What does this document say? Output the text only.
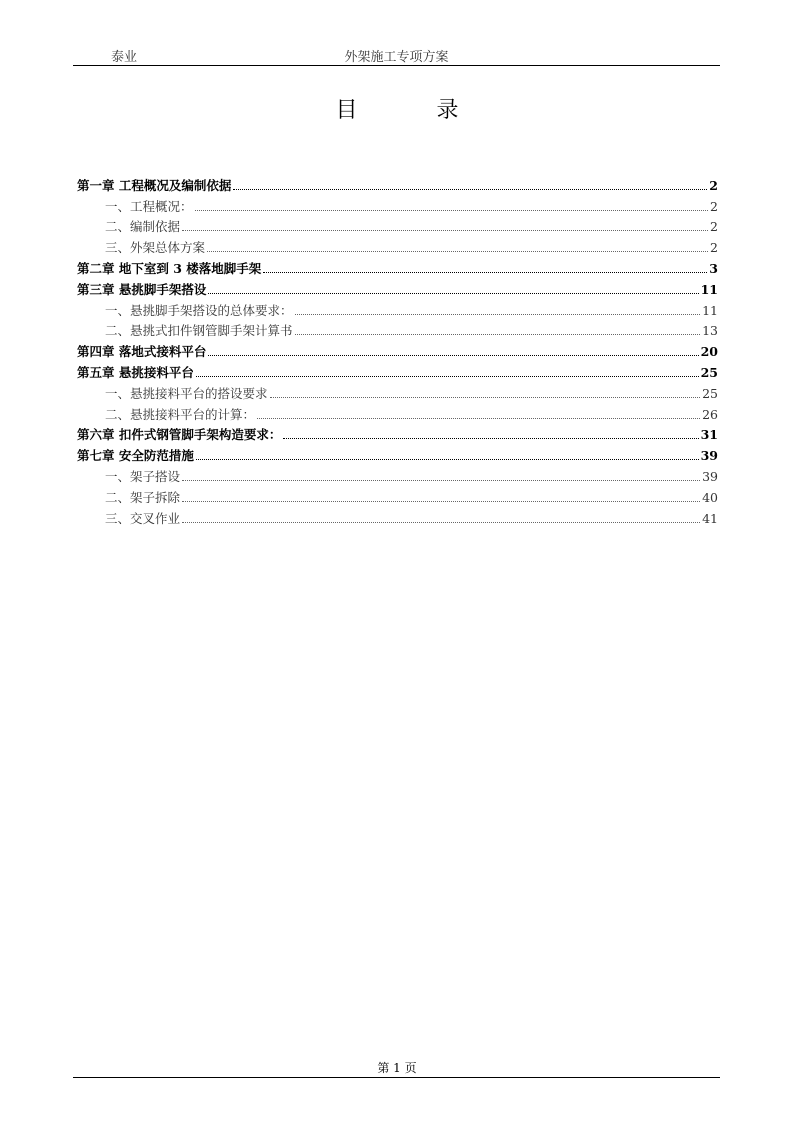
泰业	外架施工专项方案
目 录
第一章 工程概况及编制依据	2
一、工程概况：	2
二、编制依据	2
三、外架总体方案	2
第二章 地下室到 3 楼落地脚手架	3
第三章 悬挑脚手架搭设	11
一、悬挑脚手架搭设的总体要求：	11
二、悬挑式扣件钢管脚手架计算书	13
第四章 落地式接料平台	20
第五章 悬挑接料平台	25
一、悬挑接料平台的搭设要求	25
二、悬挑接料平台的计算：	26
第六章 扣件式钢管脚手架构造要求：	31
第七章 安全防范措施	39
一、架子搭设	39
二、架子拆除	40
三、交叉作业	41
第 1 页
